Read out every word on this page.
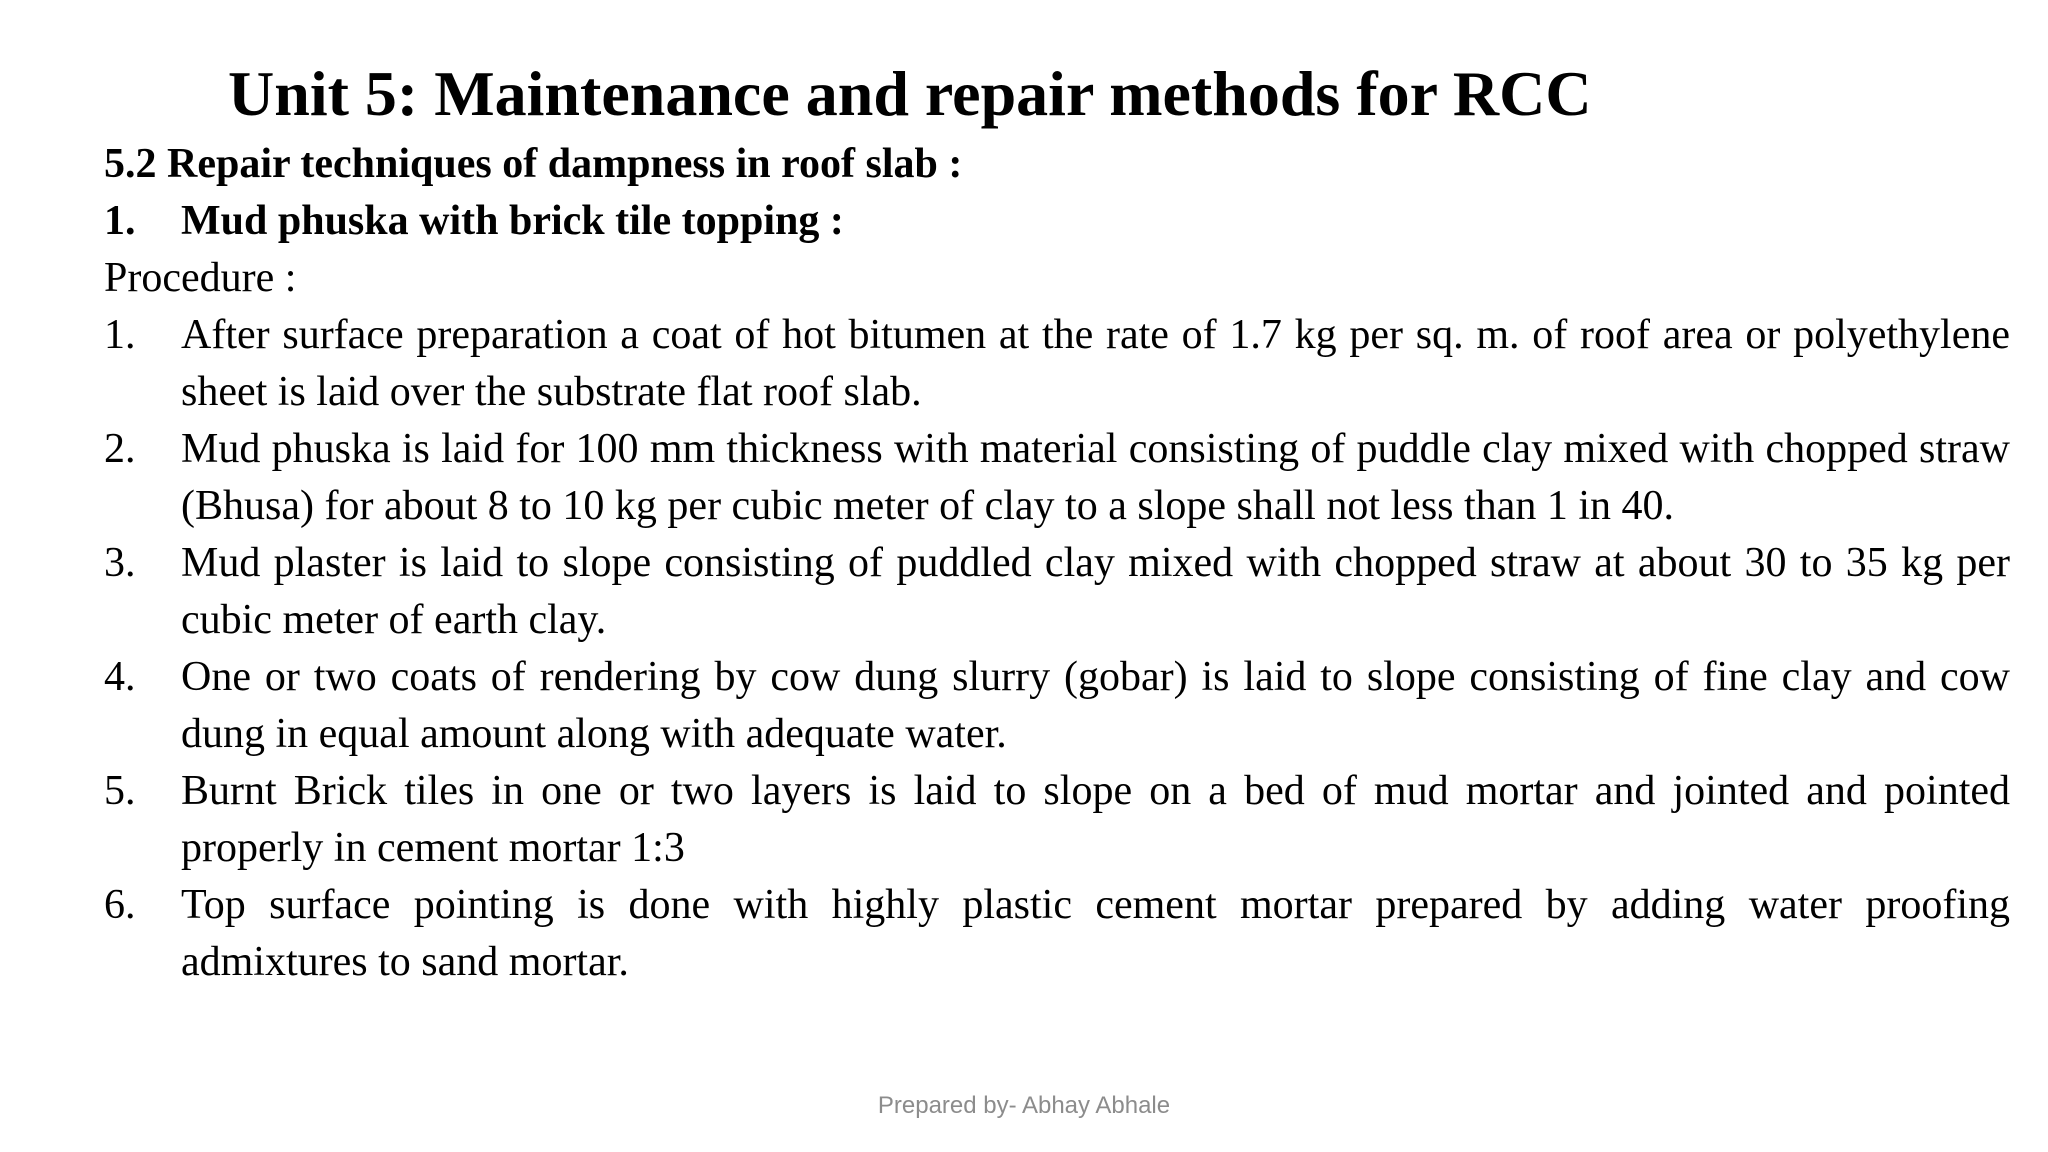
Unit 5: Maintenance and repair methods for RCC
5.2 Repair techniques of dampness in roof slab :
1.	Mud phuska with brick tile topping :
Procedure :
1.	After surface preparation a coat of hot bitumen at the rate of 1.7 kg per sq. m. of roof area or polyethylene sheet is laid over the substrate flat roof slab.
2.	Mud phuska is laid for 100 mm thickness with material consisting of puddle clay mixed with chopped straw (Bhusa) for about 8 to 10 kg per cubic meter of clay to a slope shall not less than 1 in 40.
3.	Mud plaster is laid to slope consisting of puddled clay mixed with chopped straw at about 30 to 35 kg per cubic meter of earth clay.
4.	One or two coats of rendering by cow dung slurry (gobar) is laid to slope consisting of fine clay and cow dung in equal amount along with adequate water.
5.	Burnt Brick tiles in one or two layers is laid to slope on a bed of mud mortar and jointed and pointed properly in cement mortar 1:3
6.	Top surface pointing is done with highly plastic cement mortar prepared by adding water proofing admixtures to sand mortar.
Prepared by- Abhay Abhale
